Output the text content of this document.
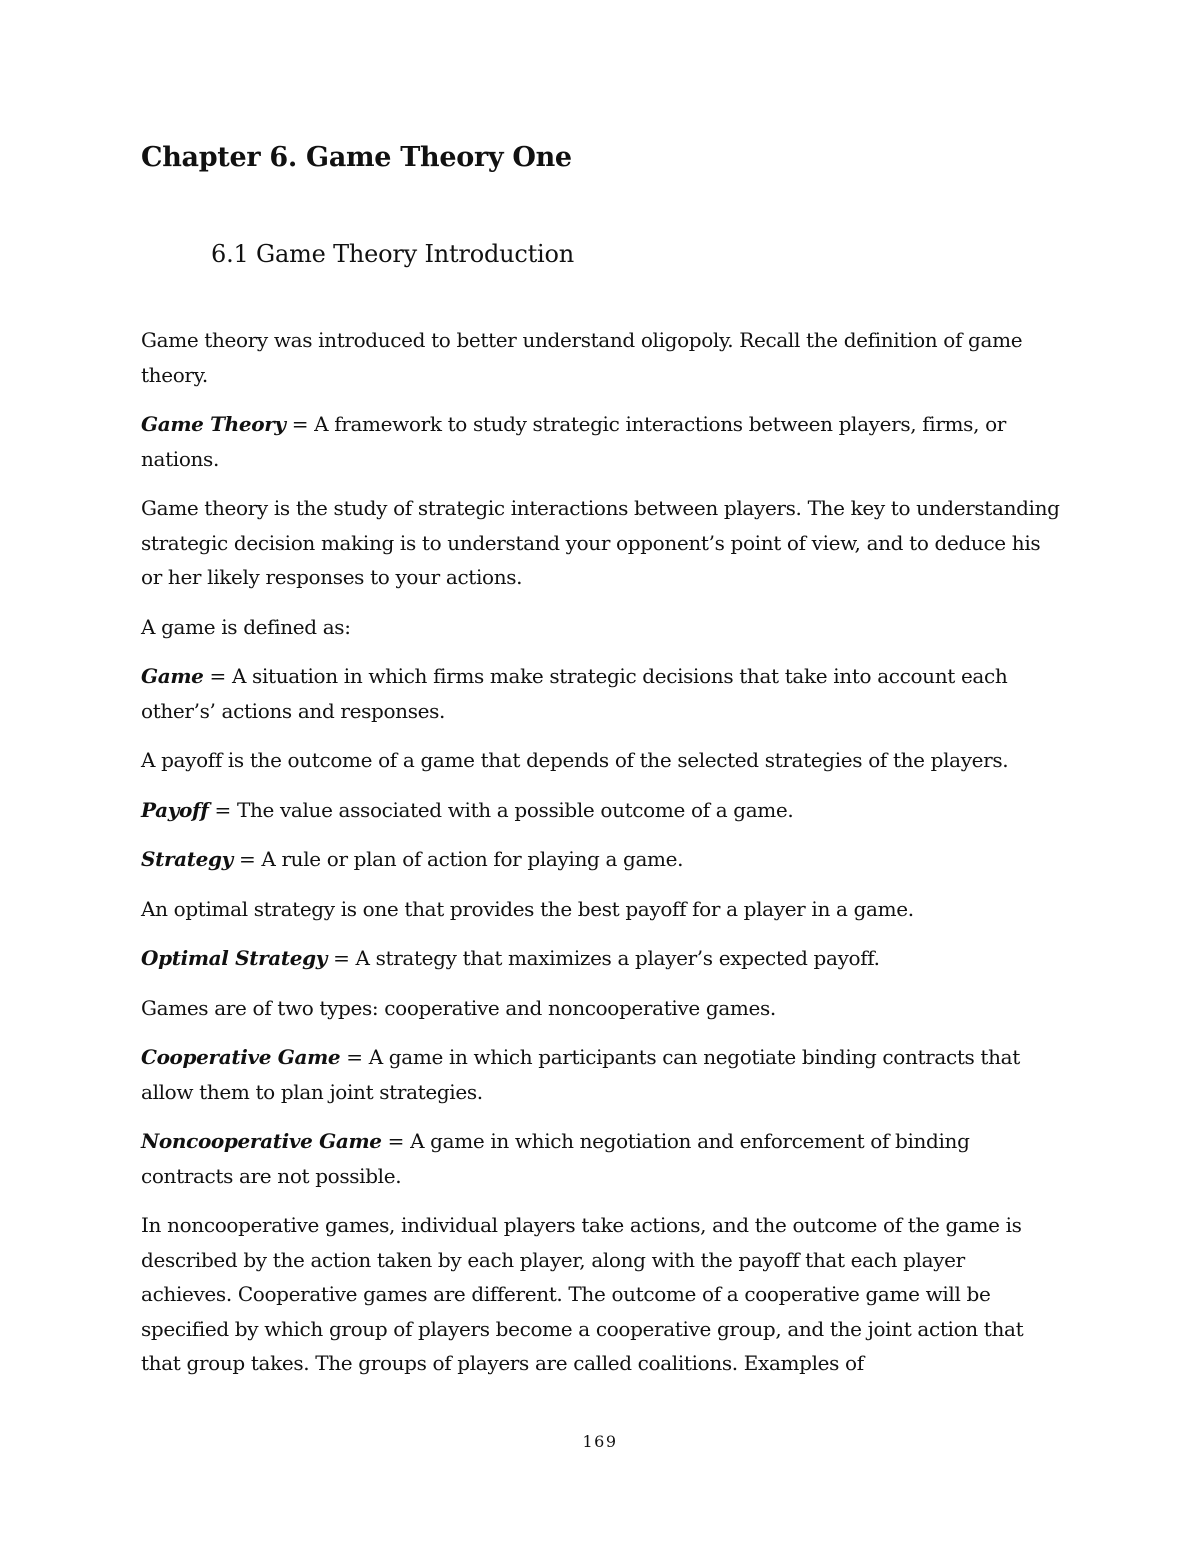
Chapter 6. Game Theory One
6.1 Game Theory Introduction

Game theory was introduced to better understand oligopoly. Recall the definition of game theory.

Game Theory = A framework to study strategic interactions between players, firms, or nations.

Game theory is the study of strategic interactions between players. The key to understanding strategic decision making is to understand your opponent’s point of view, and to deduce his or her likely responses to your actions.

A game is defined as:

Game = A situation in which firms make strategic decisions that take into account each other’s’ actions and responses.

A payoff is the outcome of a game that depends of the selected strategies of the players.

Payoff = The value associated with a possible outcome of a game.

Strategy = A rule or plan of action for playing a game.

An optimal strategy is one that provides the best payoff for a player in a game.

Optimal Strategy = A strategy that maximizes a player’s expected payoff.

Games are of two types: cooperative and noncooperative games.

Cooperative Game = A game in which participants can negotiate binding contracts that allow them to plan joint strategies.

Noncooperative Game = A game in which negotiation and enforcement of binding contracts are not possible.

In noncooperative games, individual players take actions, and the outcome of the game is described by the action taken by each player, along with the payoff that each player achieves. Cooperative games are different. The outcome of a cooperative game will be specified by which group of players become a cooperative group, and the joint action that that group takes. The groups of players are called coalitions. Examples of

169
